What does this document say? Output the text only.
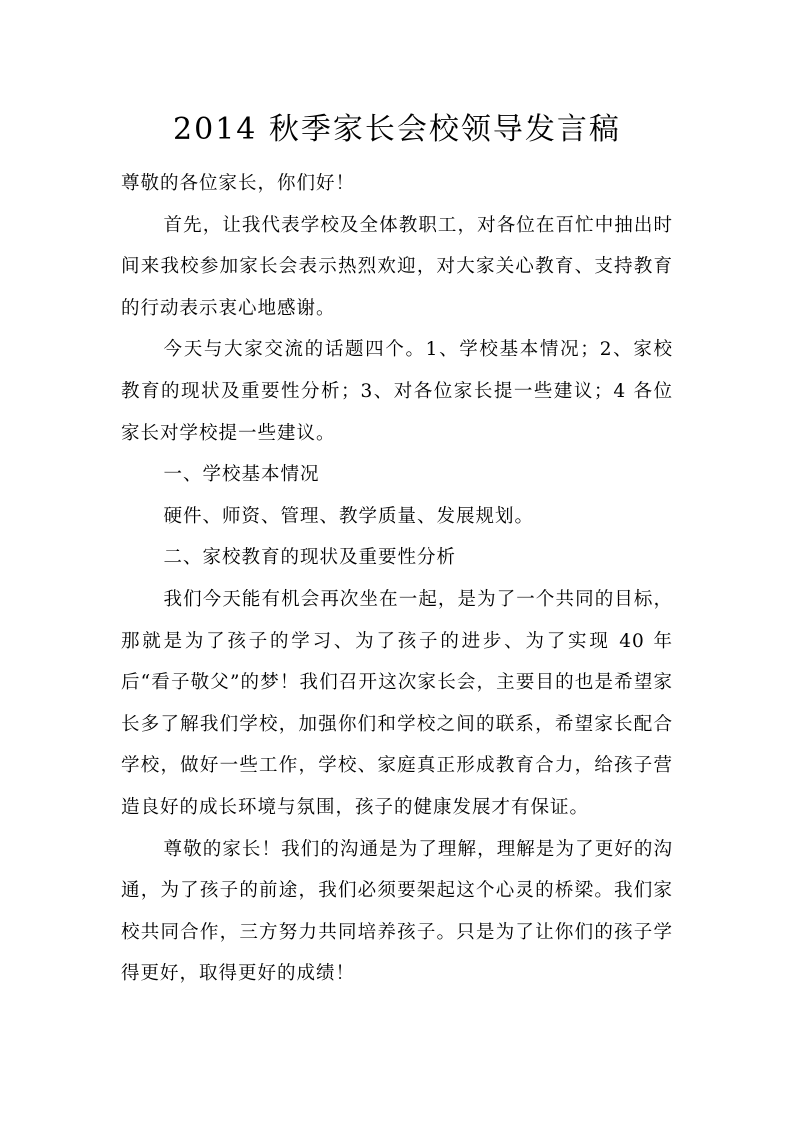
2014 秋季家长会校领导发言稿

尊敬的各位家长，你们好！

首先，让我代表学校及全体教职工，对各位在百忙中抽出时间来我校参加家长会表示热烈欢迎，对大家关心教育、支持教育的行动表示衷心地感谢。

今天与大家交流的话题四个。1、学校基本情况；2、家校教育的现状及重要性分析；3、对各位家长提一些建议；4 各位家长对学校提一些建议。

一、学校基本情况

硬件、师资、管理、教学质量、发展规划。

二、家校教育的现状及重要性分析

我们今天能有机会再次坐在一起，是为了一个共同的目标，那就是为了孩子的学习、为了孩子的进步、为了实现 40 年后“看子敬父”的梦！我们召开这次家长会，主要目的也是希望家长多了解我们学校，加强你们和学校之间的联系，希望家长配合学校，做好一些工作，学校、家庭真正形成教育合力，给孩子营造良好的成长环境与氛围，孩子的健康发展才有保证。

尊敬的家长！我们的沟通是为了理解，理解是为了更好的沟通，为了孩子的前途，我们必须要架起这个心灵的桥梁。我们家校共同合作，三方努力共同培养孩子。只是为了让你们的孩子学得更好，取得更好的成绩！
